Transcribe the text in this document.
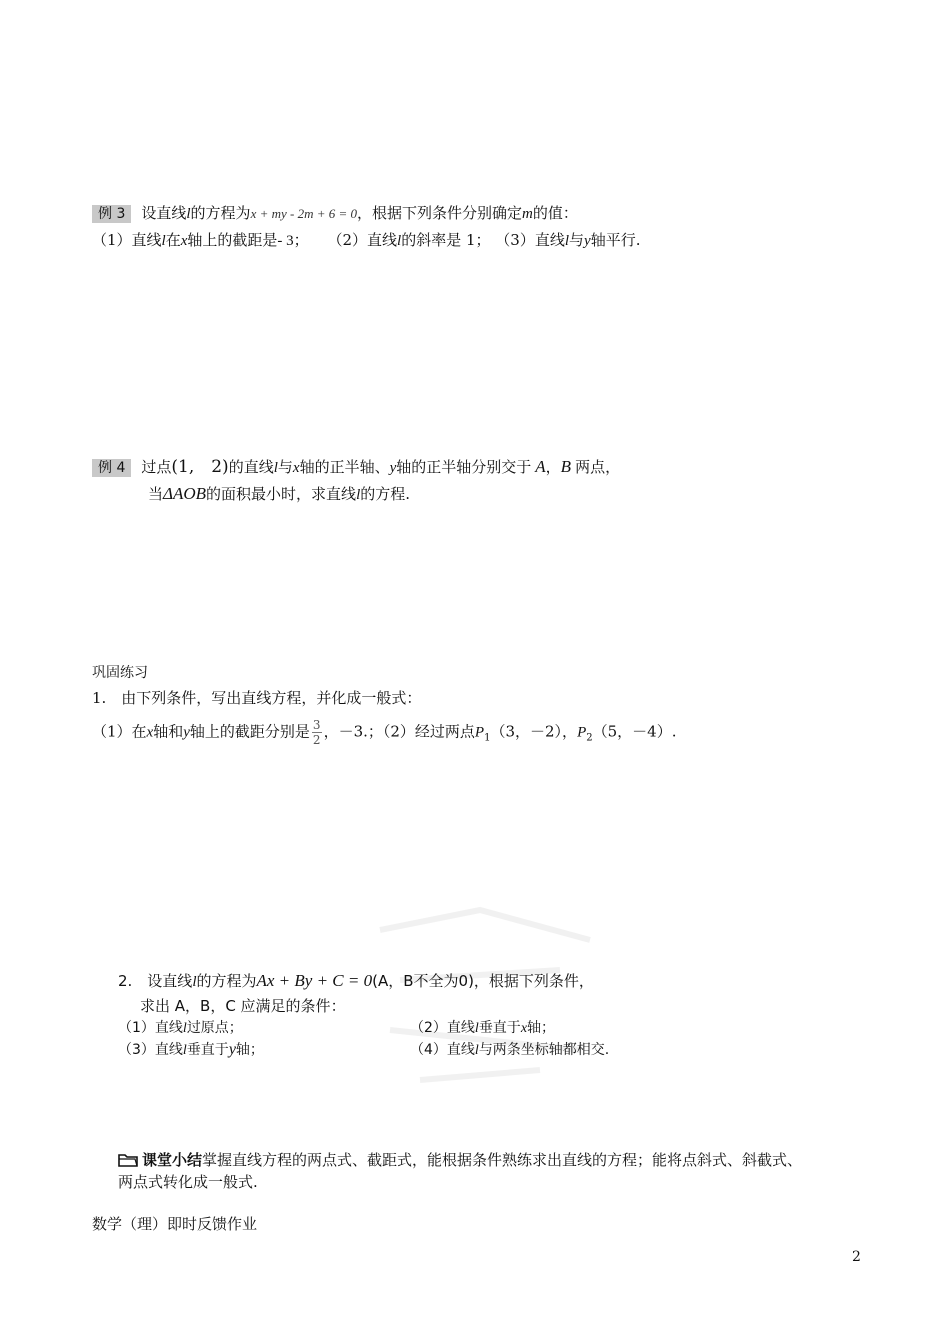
例 3 设直线l的方程为x + my - 2m + 6 = 0，根据下列条件分别确定m的值：
（1）直线l在x轴上的截距是- 3； （2）直线l的斜率是 1； （3）直线l与y轴平行.
例 4 过点(1,　2)的直线l与x轴的正半轴、y轴的正半轴分别交于 A，B 两点，
当ΔAOB的面积最小时，求直线l的方程.
巩固练习
1.　由下列条件，写出直线方程，并化成一般式：
（1）在x轴和y轴上的截距分别是 $\frac{3}{2}$ ，－3.；（2）经过两点$P_1(3$，－2），$P_2(5$，－4）.
2.　设直线l的方程为Ax + By + C = 0(A，B不全为0)，根据下列条件，
求出 A，B，C 应满足的条件：
（1）直线l过原点；	（2）直线l垂直于x轴；
（3）直线l垂直于y轴；	（4）直线l与两条坐标轴都相交.
课堂小结掌握直线方程的两点式、截距式，能根据条件熟练求出直线的方程；能将点斜式、斜截式、
两点式转化成一般式.
数学（理）即时反馈作业
2
